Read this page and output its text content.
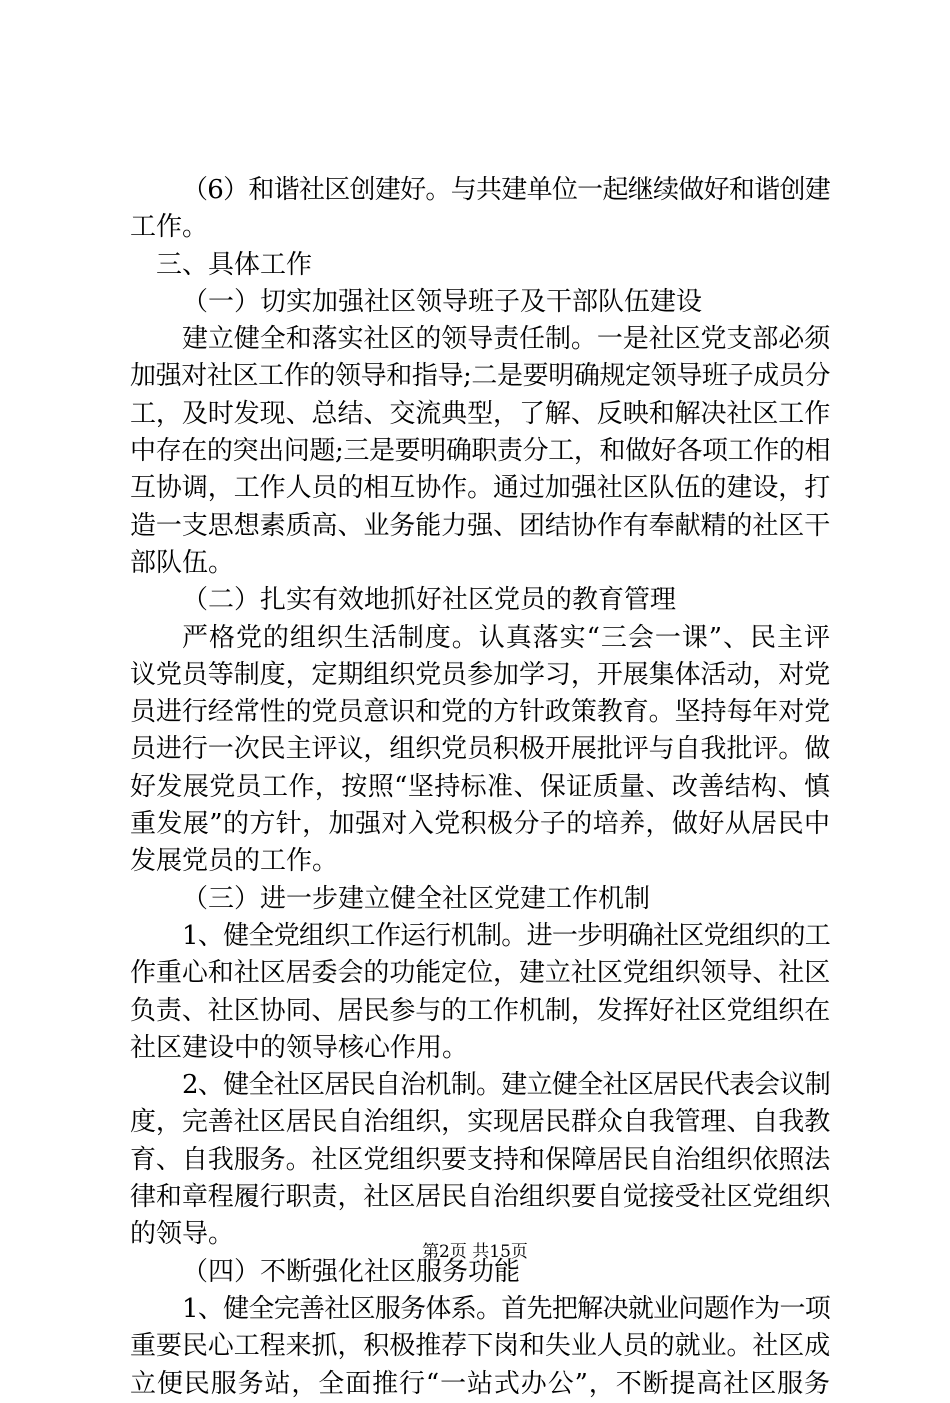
（6）和谐社区创建好。与共建单位一起继续做好和谐创建
工作。
三、具体工作
（一）切实加强社区领导班子及干部队伍建设
建立健全和落实社区的领导责任制。一是社区党支部必须
加强对社区工作的领导和指导;二是要明确规定领导班子成员分
工，及时发现、总结、交流典型，了解、反映和解决社区工作
中存在的突出问题;三是要明确职责分工，和做好各项工作的相
互协调，工作人员的相互协作。通过加强社区队伍的建设，打
造一支思想素质高、业务能力强、团结协作有奉献精的社区干
部队伍。
（二）扎实有效地抓好社区党员的教育管理
严格党的组织生活制度。认真落实“三会一课”、民主评
议党员等制度，定期组织党员参加学习，开展集体活动，对党
员进行经常性的党员意识和党的方针政策教育。坚持每年对党
员进行一次民主评议，组织党员积极开展批评与自我批评。做
好发展党员工作，按照“坚持标准、保证质量、改善结构、慎
重发展”的方针，加强对入党积极分子的培养，做好从居民中
发展党员的工作。
（三）进一步建立健全社区党建工作机制
1、健全党组织工作运行机制。进一步明确社区党组织的工
作重心和社区居委会的功能定位，建立社区党组织领导、社区
负责、社区协同、居民参与的工作机制，发挥好社区党组织在
社区建设中的领导核心作用。
2、健全社区居民自治机制。建立健全社区居民代表会议制
度，完善社区居民自治组织，实现居民群众自我管理、自我教
育、自我服务。社区党组织要支持和保障居民自治组织依照法
律和章程履行职责，社区居民自治组织要自觉接受社区党组织
的领导。
（四）不断强化社区服务功能
1、健全完善社区服务体系。首先把解决就业问题作为一项
重要民心工程来抓，积极推荐下岗和失业人员的就业。社区成
立便民服务站，全面推行“一站式办公”，不断提高社区服务
第2页 共15页
